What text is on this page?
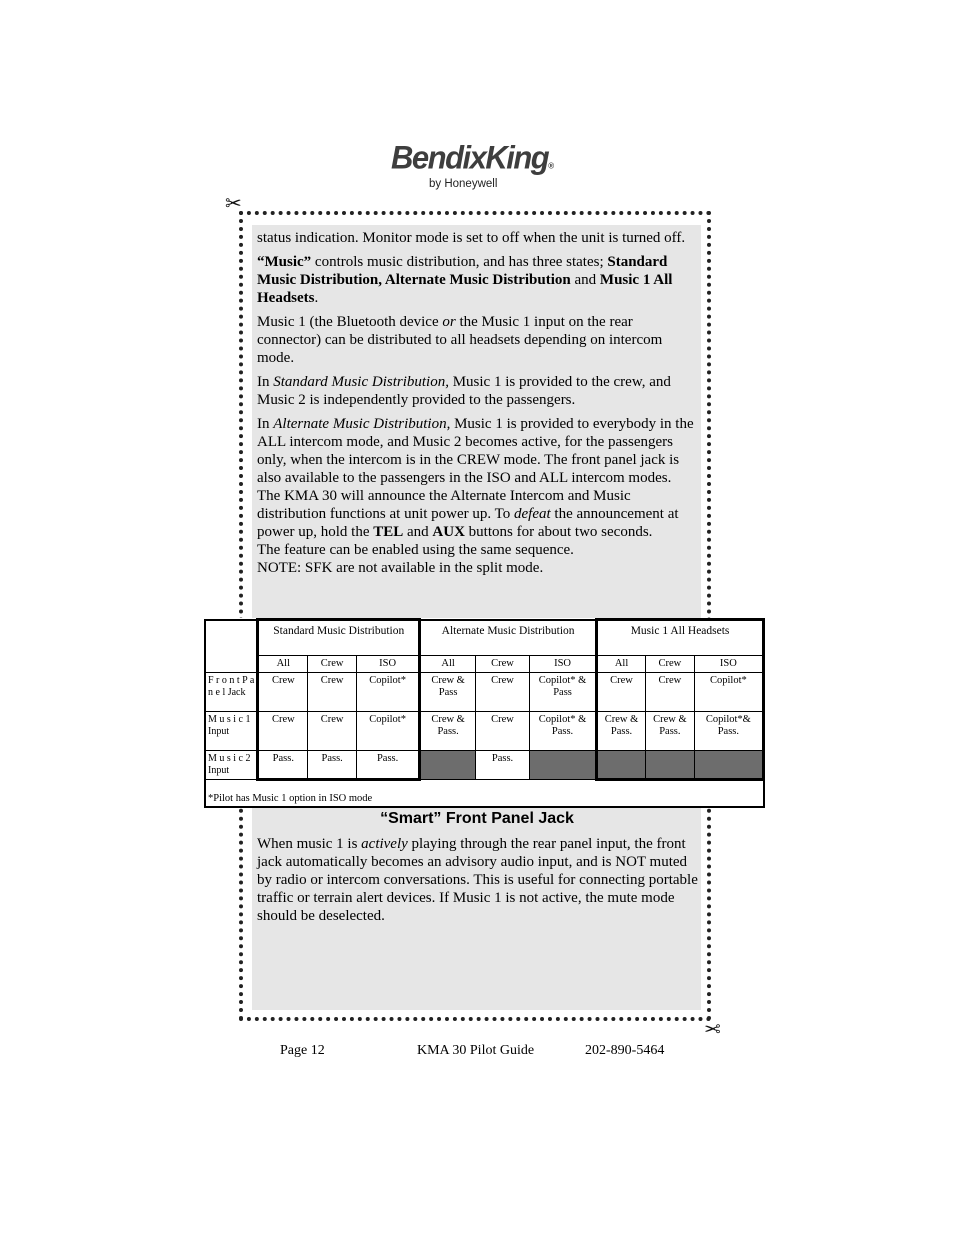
BendixKing®
by Honeywell
✂
✂

status indication. Monitor mode is set to off when the unit is turned off.

“Music” controls music distribution, and has three states; Standard Music Distribution, Alternate Music Distribution and Music 1 All Headsets.

Music 1 (the Bluetooth device or the Music 1 input on the rear connector) can be distributed to all headsets depending on intercom mode.

In Standard Music Distribution, Music 1 is provided to the crew, and Music 2 is independently provided to the passengers.

In Alternate Music Distribution, Music 1 is provided to everybody in the ALL intercom mode, and Music 2 becomes active, for the passengers only, when the intercom is in the CREW mode. The front panel jack is also available to the passengers in the ISO and ALL intercom modes.

The KMA 30 will announce the Alternate Intercom and Music distribution functions at unit power up. To defeat the announcement at power up, hold the TEL and AUX buttons for about two seconds.

The feature can be enabled using the same sequence.

NOTE: SFK are not available in the split mode.

	Standard Music Distribution			Alternate Music Distribution			Music 1 All Headsets		
	All	Crew	ISO	All	Crew	ISO	All	Crew	ISO
F r o n t P a n e l Jack	Crew	Crew	Copilot*	Crew & Pass	Crew	Copilot* & Pass	Crew	Crew	Copilot*
M u s i c 1 Input	Crew	Crew	Copilot*	Crew & Pass.	Crew	Copilot* & Pass.	Crew & Pass.	Crew & Pass.	Copilot*& Pass.
M u s i c 2 Input	Pass.	Pass.	Pass.		Pass.				
*Pilot has Music 1 option in ISO mode									
“Smart” Front Panel Jack
When music 1 is actively playing through the rear panel input, the front jack automatically becomes an advisory audio input, and is NOT muted by radio or intercom conversations. This is useful for connecting portable traffic or terrain alert devices. If Music 1 is not active, the mute mode should be deselected.
Page 12	KMA 30 Pilot Guide	202-890-5464
